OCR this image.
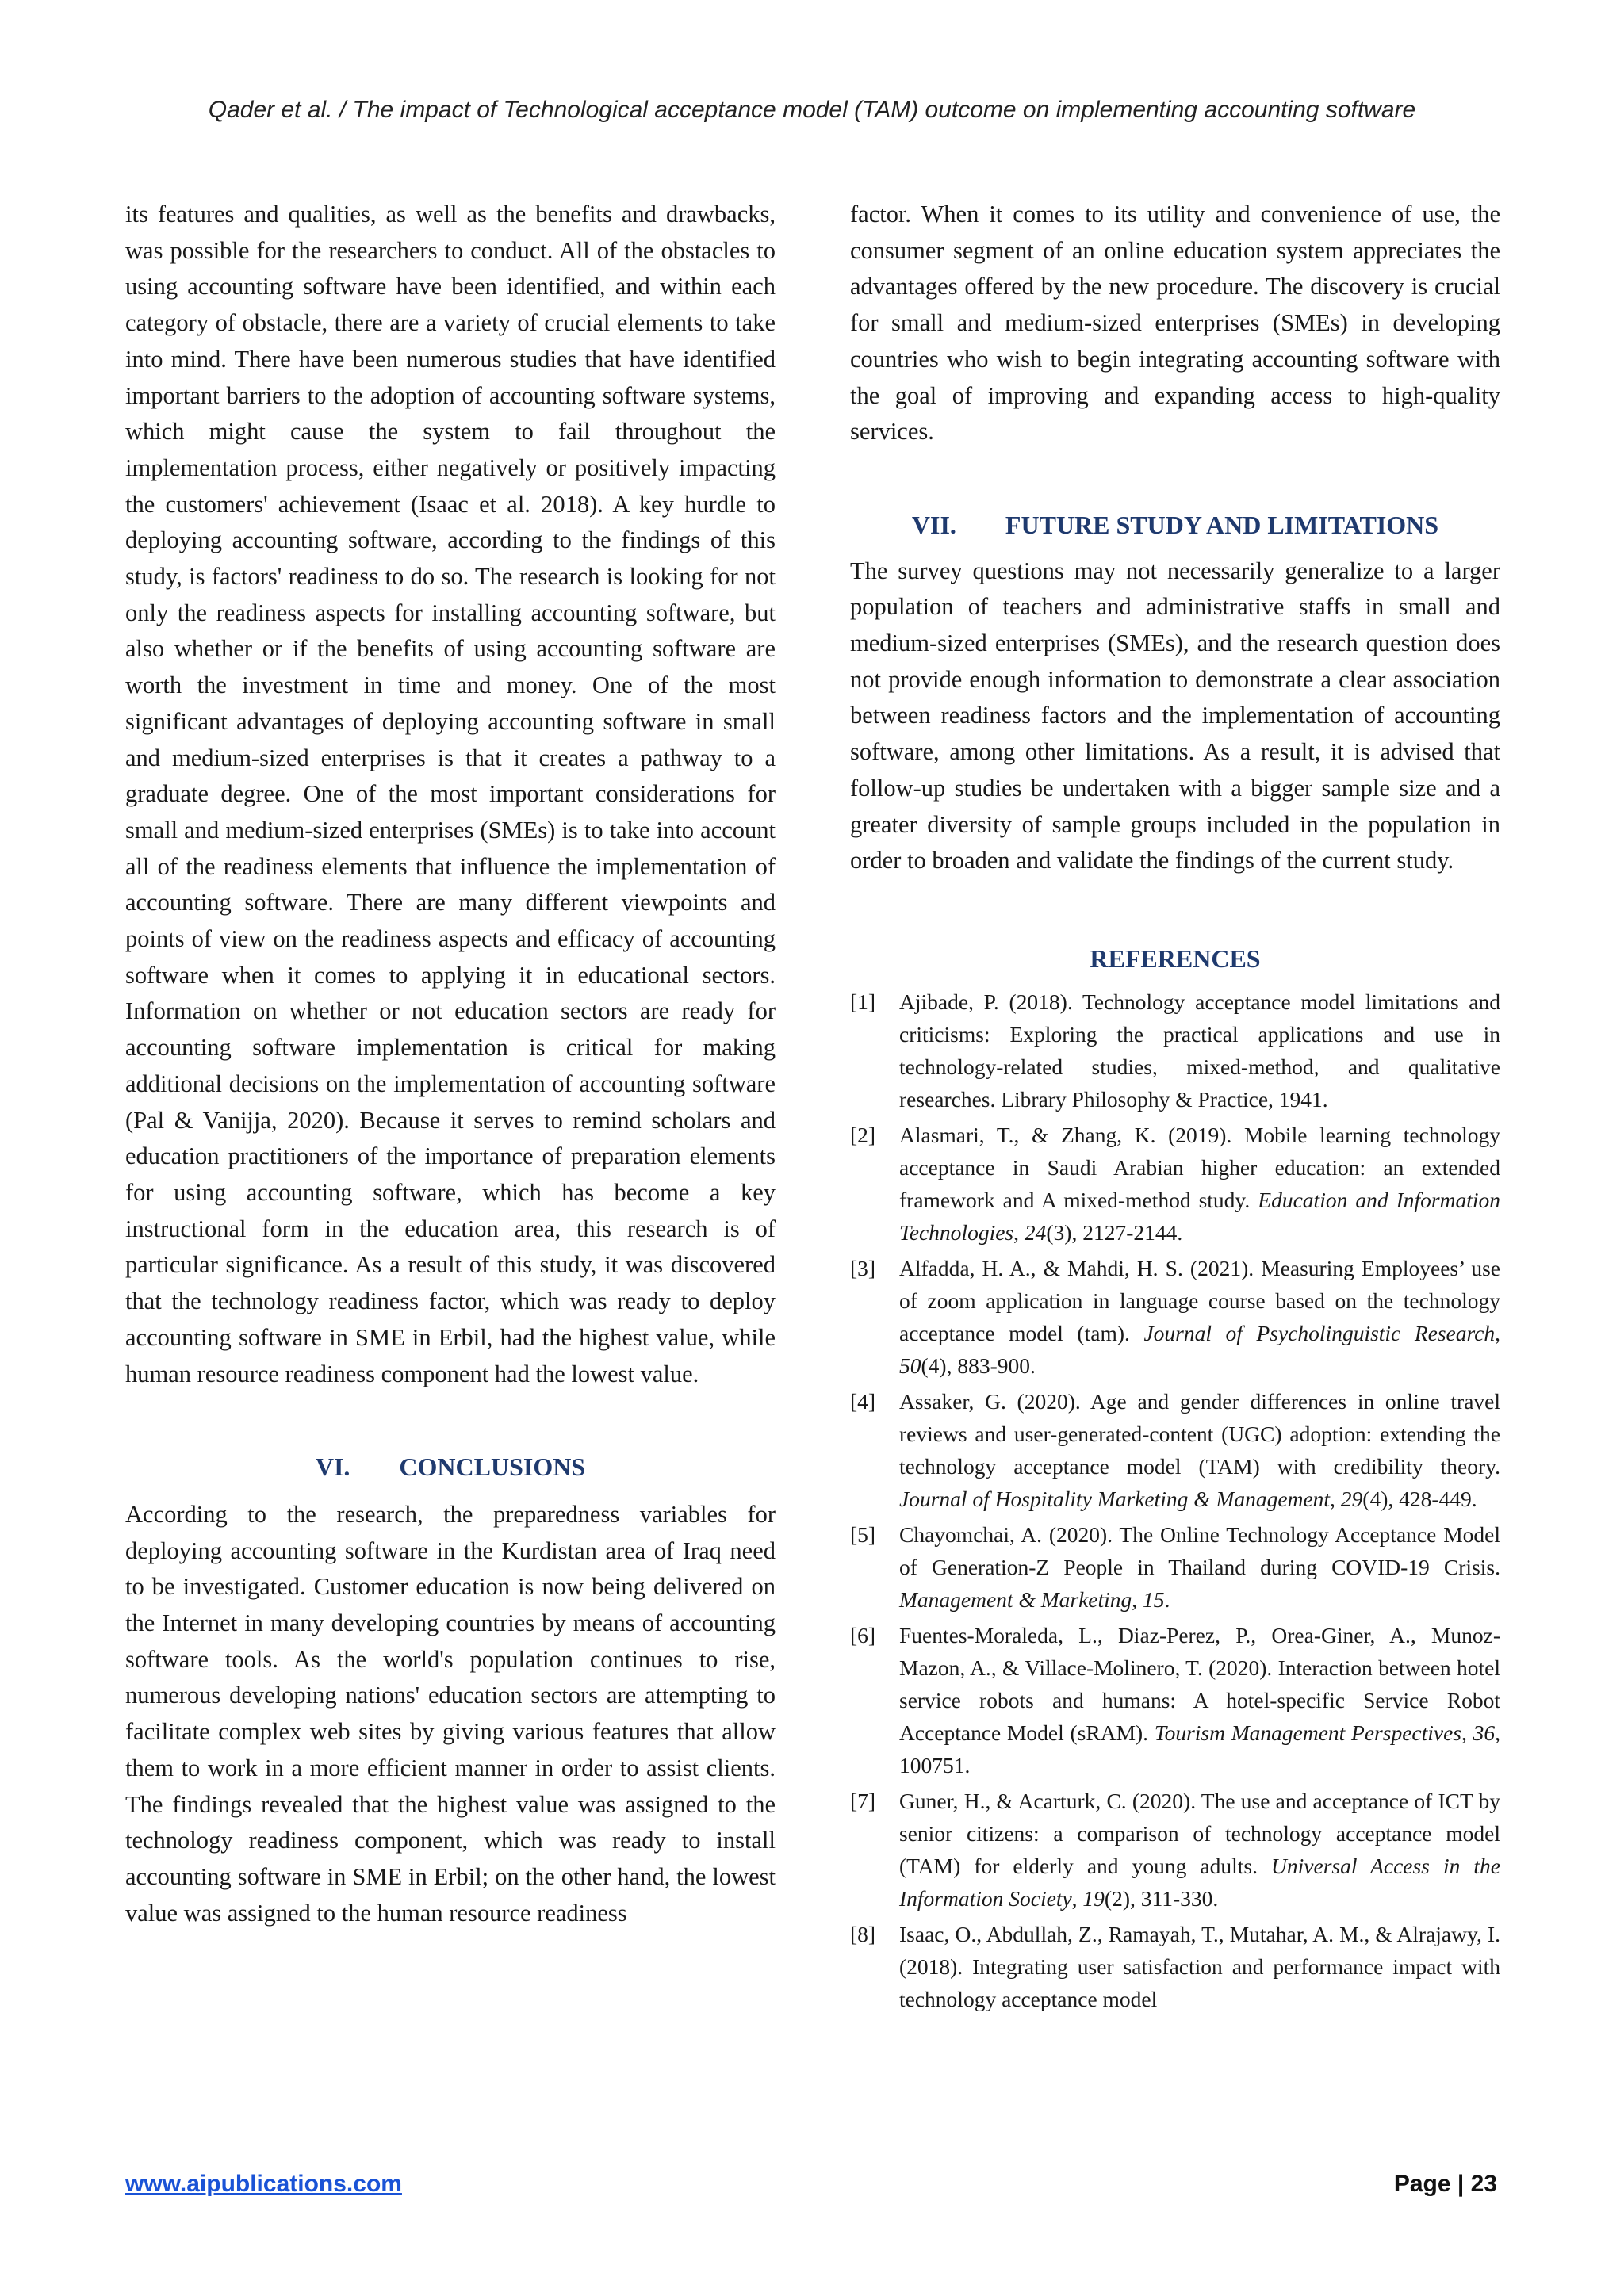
Qader et al. / The impact of Technological acceptance model (TAM) outcome on implementing accounting software

its features and qualities, as well as the benefits and drawbacks, was possible for the researchers to conduct. All of the obstacles to using accounting software have been identified, and within each category of obstacle, there are a variety of crucial elements to take into mind. There have been numerous studies that have identified important barriers to the adoption of accounting software systems, which might cause the system to fail throughout the implementation process, either negatively or positively impacting the customers' achievement (Isaac et al. 2018). A key hurdle to deploying accounting software, according to the findings of this study, is factors' readiness to do so. The research is looking for not only the readiness aspects for installing accounting software, but also whether or if the benefits of using accounting software are worth the investment in time and money. One of the most significant advantages of deploying accounting software in small and medium-sized enterprises is that it creates a pathway to a graduate degree. One of the most important considerations for small and medium-sized enterprises (SMEs) is to take into account all of the readiness elements that influence the implementation of accounting software. There are many different viewpoints and points of view on the readiness aspects and efficacy of accounting software when it comes to applying it in educational sectors. Information on whether or not education sectors are ready for accounting software implementation is critical for making additional decisions on the implementation of accounting software (Pal & Vanijja, 2020). Because it serves to remind scholars and education practitioners of the importance of preparation elements for using accounting software, which has become a key instructional form in the education area, this research is of particular significance. As a result of this study, it was discovered that the technology readiness factor, which was ready to deploy accounting software in SME in Erbil, had the highest value, while human resource readiness component had the lowest value.

VI. CONCLUSIONS

According to the research, the preparedness variables for deploying accounting software in the Kurdistan area of Iraq need to be investigated. Customer education is now being delivered on the Internet in many developing countries by means of accounting software tools. As the world's population continues to rise, numerous developing nations' education sectors are attempting to facilitate complex web sites by giving various features that allow them to work in a more efficient manner in order to assist clients. The findings revealed that the highest value was assigned to the technology readiness component, which was ready to install accounting software in SME in Erbil; on the other hand, the lowest value was assigned to the human resource readiness

factor. When it comes to its utility and convenience of use, the consumer segment of an online education system appreciates the advantages offered by the new procedure. The discovery is crucial for small and medium-sized enterprises (SMEs) in developing countries who wish to begin integrating accounting software with the goal of improving and expanding access to high-quality services.

VII. FUTURE STUDY AND LIMITATIONS

The survey questions may not necessarily generalize to a larger population of teachers and administrative staffs in small and medium-sized enterprises (SMEs), and the research question does not provide enough information to demonstrate a clear association between readiness factors and the implementation of accounting software, among other limitations. As a result, it is advised that follow-up studies be undertaken with a bigger sample size and a greater diversity of sample groups included in the population in order to broaden and validate the findings of the current study.

REFERENCES
[1]	Ajibade, P. (2018). Technology acceptance model limitations and criticisms: Exploring the practical applications and use in technology-related studies, mixed-method, and qualitative researches. Library Philosophy & Practice, 1941.
[2]	Alasmari, T., & Zhang, K. (2019). Mobile learning technology acceptance in Saudi Arabian higher education: an extended framework and A mixed-method study. Education and Information Technologies, 24(3), 2127-2144.
[3]	Alfadda, H. A., & Mahdi, H. S. (2021). Measuring Employees’ use of zoom application in language course based on the technology acceptance model (tam). Journal of Psycholinguistic Research, 50(4), 883-900.
[4]	Assaker, G. (2020). Age and gender differences in online travel reviews and user-generated-content (UGC) adoption: extending the technology acceptance model (TAM) with credibility theory. Journal of Hospitality Marketing & Management, 29(4), 428-449.
[5]	Chayomchai, A. (2020). The Online Technology Acceptance Model of Generation-Z People in Thailand during COVID-19 Crisis. Management & Marketing, 15.
[6]	Fuentes-Moraleda, L., Diaz-Perez, P., Orea-Giner, A., Munoz-Mazon, A., & Villace-Molinero, T. (2020). Interaction between hotel service robots and humans: A hotel-specific Service Robot Acceptance Model (sRAM). Tourism Management Perspectives, 36, 100751.
[7]	Guner, H., & Acarturk, C. (2020). The use and acceptance of ICT by senior citizens: a comparison of technology acceptance model (TAM) for elderly and young adults. Universal Access in the Information Society, 19(2), 311-330.
[8]	Isaac, O., Abdullah, Z., Ramayah, T., Mutahar, A. M., & Alrajawy, I. (2018). Integrating user satisfaction and performance impact with technology acceptance model
www.aipublications.com	Page | 23
